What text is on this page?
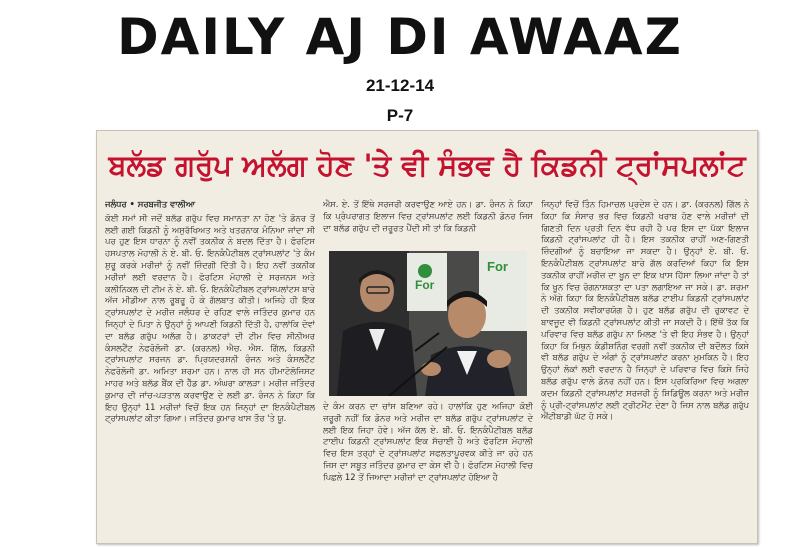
DAILY AJ DI AWAAZ
21-12-14
P-7
ਬਲੱਡ ਗਰੁੱਪ ਅਲੱਗ ਹੋਣ 'ਤੇ ਵੀ ਸੰਭਵ ਹੈ ਕਿਡਨੀ ਟ੍ਰਾਂਸਪਲਾਂਟ
ਜਲੰਧਰ • ਸਰਬਜੀਤ ਵਾਲੀਆ
ਕੋਈ ਸਮਾਂ ਸੀ ਜਦੋਂ ਬਲੱਡ ਗਰੁੱਪ ਵਿਚ ਸਮਾਨਤਾ ਨਾ ਹੋਣ 'ਤੇ ਡੋਨਰ ਤੋਂ ਲਈ ਗਈ ਕਿਡਨੀ ਨੂੰ ਅਸੁਰੱਖਿਅਤ ਅਤੇ ਖਤਰਨਾਕ ਮੰਨਿਆ ਜਾਂਦਾ ਸੀ ਪਰ ਹੁਣ ਇਸ ਧਾਰਨਾ ਨੂੰ ਨਵੀਂ ਤਕਨੀਕ ਨੇ ਬਦਲ ਦਿੱਤਾ ਹੈ। ਫੋਰਟਿਸ ਹਸਪਤਾਲ ਮੋਹਾਲੀ ਨੇ ਏ. ਬੀ. ਓ. ਇਨਕੰਪੈਟੀਬਲ ਟ੍ਰਾਂਸਪਲਾਂਟ 'ਤੇ ਕੰਮ ਸ਼ੁਰੂ ਕਰਕੇ ਮਰੀਜ਼ਾਂ ਨੂੰ ਨਵੀਂ ਜ਼ਿੰਦਗੀ ਦਿੱਤੀ ਹੈ। ਇਹ ਨਵੀਂ ਤਕਨੀਕ ਮਰੀਜ਼ਾਂ ਲਈ ਵਰਦਾਨ ਹੈ। ਫੋਰਟਿਸ ਮੋਹਾਲੀ ਦੇ ਸਰਜਨਸ ਅਤੇ ਕਲੀਨਿਕਲ ਦੀ ਟੀਮ ਨੇ ਏ. ਬੀ. ਓ. ਇਨਕੰਪੈਟੀਬਲ ਟ੍ਰਾਂਸਪਲਾਂਟਸ ਬਾਰੇ ਅੱਜ ਮੀਡੀਆ ਨਾਲ ਰੂਬਰੂ ਹੋ ਕੇ ਗੱਲਬਾਤ ਕੀਤੀ। ਅਜਿਹੇ ਹੀ ਇਕ ਟ੍ਰਾਂਸਪਲਾਂਟ ਦੇ ਮਰੀਜ਼ ਜਲੰਧਰ ਦੇ ਰਹਿਣ ਵਾਲੇ ਜਤਿੰਦਰ ਕੁਮਾਰ ਹਨ ਜਿਨ੍ਹਾਂ ਦੇ ਪਿਤਾ ਨੇ ਉਨ੍ਹਾਂ ਨੂੰ ਆਪਣੀ ਕਿਡਨੀ ਦਿੱਤੀ ਹੈ, ਹਾਲਾਂਕਿ ਦੋਵਾਂ ਦਾ ਬਲੱਡ ਗਰੁੱਪ ਅਲੱਗ ਹੈ। ਡਾਕਟਰਾਂ ਦੀ ਟੀਮ ਵਿਚ ਸੀਨੀਅਰ ਕੰਸਲਟੈਂਟ ਨੇਫਰੋਲੋਜੀ ਡਾ. (ਕਰਨਲ) ਐਚ. ਐਸ. ਗਿੱਲ, ਕਿਡਨੀ ਟ੍ਰਾਂਸਪਲਾਂਟ ਸਰਜਨ ਡਾ. ਪ੍ਰਿਯਦਰਸ਼ਨੀ ਰੰਜਨ ਅਤੇ ਕੰਸਲਟੈਂਟ ਨੇਫਰੋਲੋਜੀ ਡਾ. ਅਮਿਤਾ ਸ਼ਰਮਾ ਹਨ। ਨਾਲ ਹੀ ਸਨ ਹੀਮਾਟੋਲੋਜਿਸਟ ਮਾਹਰ ਅਤੇ ਬਲੱਡ ਬੈਂਕ ਦੀ ਹੈੱਡ ਡਾ. ਅੰਘਰਾ ਕਾਲੜਾ। ਮਰੀਜ਼ ਜਤਿੰਦਰ ਕੁਮਾਰ ਦੀ ਜਾਂਚ-ਪੜਤਾਲ ਕਰਵਾਉਣ ਦੇ ਲਈ ਡਾ. ਰੰਜਨ ਨੇ ਕਿਹਾ ਕਿ ਇਹ ਉਨ੍ਹਾਂ 11 ਮਰੀਜ਼ਾਂ ਵਿਚੋਂ ਇਕ ਹਨ ਜਿਨ੍ਹਾਂ ਦਾ ਇਨਕੰਪੈਟੀਬਲ ਟ੍ਰਾਂਸਪਲਾਂਟ ਕੀਤਾ ਗਿਆ। ਜਤਿੰਦਰ ਕੁਮਾਰ ਖਾਸ ਤੌਰ 'ਤੇ ਯੂ.
ਐਸ. ਏ. ਤੋਂ ਇੱਥੇ ਸਰਜਰੀ ਕਰਵਾਉਣ ਆਏ ਹਨ। ਡਾ. ਰੰਜਨ ਨੇ ਕਿਹਾ ਕਿ ਪ੍ਰੰਪਰਾਗਤ ਇਲਾਜ ਵਿਚ ਟ੍ਰਾਂਸਪਲਾਂਟ ਲਈ ਕਿਡਨੀ ਡੋਨਰ ਜਿਸ ਦਾ ਬਲੱਡ ਗਰੁੱਪ ਦੀ ਜ਼ਰੂਰਤ ਪੈਂਦੀ ਸੀ ਤਾਂ ਕਿ ਕਿਡਨੀ
ਦੇ ਕੰਮ ਕਰਨ ਦਾ ਚਾਂਸ ਬਣਿਆ ਰਹੇ। ਹਾਲਾਂਕਿ ਹੁਣ ਅਜਿਹਾ ਕੋਈ ਜ਼ਰੂਰੀ ਨਹੀਂ ਕਿ ਡੋਨਰ ਅਤੇ ਮਰੀਜ਼ ਦਾ ਬਲੱਡ ਗਰੁੱਪ ਟ੍ਰਾਂਸਪਲਾਂਟ ਦੇ ਲਈ ਇਕ ਜਿਹਾ ਹੋਵੇ। ਅੱਜ ਕੱਲ ਏ. ਬੀ. ਓ. ਇਨਕੰਪੈਟੀਬਲ ਬਲੱਡ ਟਾਈਪ ਕਿਡਨੀ ਟ੍ਰਾਂਸਪਲਾਂਟ ਇਕ ਸੱਚਾਈ ਹੈ ਅਤੇ ਫੋਰਟਿਸ ਮੋਹਾਲੀ ਵਿਚ ਇਸ ਤਰ੍ਹਾਂ ਦੇ ਟ੍ਰਾਂਸਪਲਾਂਟ ਸਫਲਤਾਪੂਰਵਕ ਕੀਤੇ ਜਾ ਰਹੇ ਹਨ ਜਿਸ ਦਾ ਸਬੂਤ ਜਤਿੰਦਰ ਕੁਮਾਰ ਦਾ ਕੇਸ ਵੀ ਹੈ। ਫੋਰਟਿਸ ਮੋਹਾਲੀ ਵਿਚ ਪਿਛਲੇ 12 ਤੋਂ ਜਿਆਦਾ ਮਰੀਜ਼ਾਂ ਦਾ ਟ੍ਰਾਂਸਪਲਾਂਟ ਹੋਇਆ ਹੈ
For
For
ਜਿਨ੍ਹਾਂ ਵਿਚੋਂ ਤਿੰਨ ਹਿਮਾਚਲ ਪ੍ਰਦੇਸ਼ ਦੇ ਹਨ। ਡਾ. (ਕਰਨਲ) ਗਿੱਲ ਨੇ ਕਿਹਾ ਕਿ ਸੰਸਾਰ ਭਰ ਵਿਚ ਕਿਡਨੀ ਖਰਾਬ ਹੋਣ ਵਾਲੇ ਮਰੀਜ਼ਾਂ ਦੀ ਗਿਣਤੀ ਦਿਨ ਪ੍ਰਤੀ ਦਿਨ ਵੱਧ ਰਹੀ ਹੈ ਪਰ ਇਸ ਦਾ ਪੱਕਾ ਇਲਾਜ ਕਿਡਨੀ ਟ੍ਰਾਂਸਪਲਾਂਟ ਹੀ ਹੈ। ਇਸ ਤਕਨੀਕ ਰਾਹੀਂ ਅਣ-ਗਿਣਤੀ ਜ਼ਿੰਦਗੀਆਂ ਨੂੰ ਬਚਾਇਆ ਜਾ ਸਕਦਾ ਹੈ। ਉਨ੍ਹਾਂ ਏ. ਬੀ. ਓ. ਇਨਕੰਪੈਟੀਬਲ ਟ੍ਰਾਂਸਪਲਾਂਟ ਬਾਰੇ ਗੱਲ ਕਰਦਿਆਂ ਕਿਹਾ ਕਿ ਇਸ ਤਕਨੀਕ ਰਾਹੀਂ ਮਰੀਜ਼ ਦਾ ਖੂਨ ਦਾ ਇਕ ਖਾਸ ਹਿੱਸਾ ਲਿਆ ਜਾਂਦਾ ਹੈ ਤਾਂ ਕਿ ਖੂਨ ਵਿਚ ਰੋਗਨਾਸ਼ਕਤਾ ਦਾ ਪਤਾ ਲਗਾਇਆ ਜਾ ਸਕੇ। ਡਾ. ਸ਼ਰਮਾ ਨੇ ਅੱਗੇ ਕਿਹਾ ਕਿ ਇਨਕੰਪੈਟੀਬਲ ਬਲੱਡ ਟਾਈਪ ਕਿਡਨੀ ਟ੍ਰਾਂਸਪਲਾਂਟ ਦੀ ਤਕਨੀਕ ਸਵੀਕਾਰਯੋਗ ਹੈ। ਹੁਣ ਬਲੱਡ ਗਰੁੱਪ ਦੀ ਰੁਕਾਵਟ ਦੇ ਬਾਵਜੂਦ ਵੀ ਕਿਡਨੀ ਟ੍ਰਾਂਸਪਲਾਂਟ ਕੀਤੀ ਜਾ ਸਕਦੀ ਹੈ। ਇੱਥੋਂ ਤੱਕ ਕਿ ਪਰਿਵਾਰ ਵਿਚ ਬਲੱਡ ਗਰੁੱਪ ਨਾ ਮਿਲਣ 'ਤੇ ਵੀ ਇਹ ਸੰਭਵ ਹੈ। ਉਨ੍ਹਾਂ ਕਿਹਾ ਕਿ ਮਿਥੁਨ ਕੰਡੀਸ਼ਨਿੰਗ ਵਰਗੀ ਨਵੀਂ ਤਕਨੀਕ ਦੀ ਬਦੌਲਤ ਕਿਸੇ ਵੀ ਬਲੱਡ ਗਰੁੱਪ ਦੇ ਅੰਗਾਂ ਨੂੰ ਟ੍ਰਾਂਸਪਲਾਂਟ ਕਰਨਾ ਮੁਮਕਿਨ ਹੈ। ਇਹ ਉਨ੍ਹਾਂ ਲੋਕਾਂ ਲਈ ਵਰਦਾਨ ਹੈ ਜਿਨ੍ਹਾਂ ਦੇ ਪਰਿਵਾਰ ਵਿਚ ਕਿਸੇ ਜਿਹੇ ਬਲੱਡ ਗਰੁੱਪ ਵਾਲੇ ਡੋਨਰ ਨਹੀਂ ਹਨ। ਇਸ ਪ੍ਰਕਿਰਿਆ ਵਿਚ ਅਗਲਾ ਕਦਮ ਕਿਡਨੀ ਟ੍ਰਾਂਸਪਲਾਂਟ ਸਰਜਰੀ ਨੂੰ ਸ਼ਿਡਿਊਲ ਕਰਨਾ ਅਤੇ ਮਰੀਜ਼ ਨੂੰ ਪ੍ਰੀ-ਟ੍ਰਾਂਸਪਲਾਂਟ ਲਈ ਟ੍ਰੀਟਮੈਂਟ ਦੇਣਾ ਹੈ ਜਿਸ ਨਾਲ ਬਲੱਡ ਗਰੁੱਪ ਐਂਟੀਬਾਡੀ ਘੱਟ ਹੋ ਸਕੇ।
